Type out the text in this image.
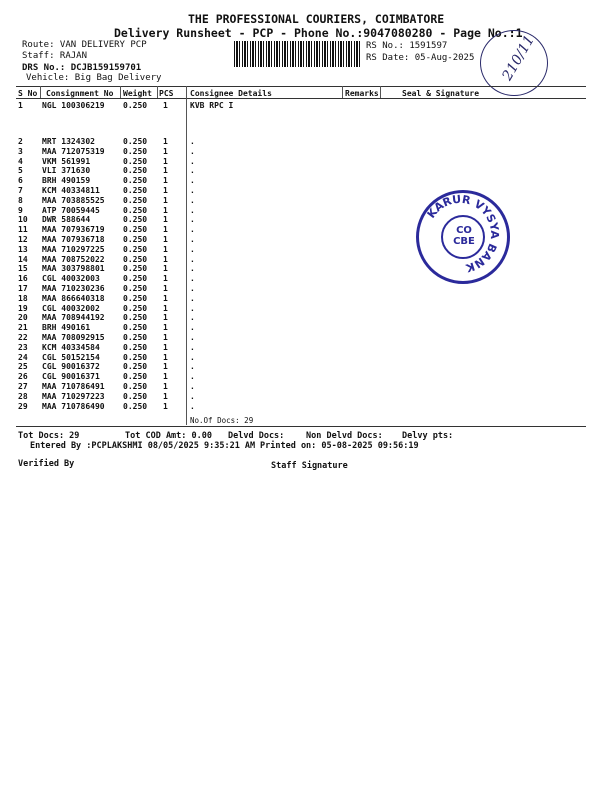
THE PROFESSIONAL COURIERS, COIMBATORE
Delivery Runsheet - PCP - Phone No.:9047080280 - Page No.:1
Route: VAN DELIVERY PCP
Staff: RAJAN
DRS No.: DCJB159159701
Vehicle: Big Bag Delivery
RS No.: 1591597
RS Date: 05-Aug-2025 210/11
S No Consignment No Weight PCS Consignee Details	Remarks	Seal & Signature
1 NGL 100306219 0.250 1	KVB RPC I
2 MRT 1324302	0.250 1	.
3 MAA 712075319 0.250 1	.
4 VKM 561991	0.250 1	.
5 VLI 371630	0.250 1	.
6 BRH 490159	0.250 1	.
7 KCM 40334811	0.250 1	.
8 MAA 703885525 0.250 1	.
9 ATP 70059445	0.250 1	.
10 DWR 588644	0.250 1	.
11 MAA 707936719 0.250 1	.
12 MAA 707936718 0.250 1	.
13 MAA 710297225 0.250 1	.
14 MAA 708752022 0.250 1	.
15 MAA 303798801 0.250 1	.
16 CGL 40032003	0.250 1	.
17 MAA 710230236 0.250 1	.
18 MAA 866640318 0.250 1	.
19 CGL 40032002	0.250 1	.
20 MAA 708944192 0.250 1	.
21 BRH 490161	0.250 1	.
22 MAA 708092915 0.250 1	.
23 KCM 40334584	0.250 1	.
24 CGL 50152154	0.250 1	.
25 CGL 90016372	0.250 1	.
26 CGL 90016371	0.250 1	.
27 MAA 710786491 0.250 1	.
28 MAA 710297223 0.250 1	.
29 MAA 710786490 0.250 1	.
No.Of Docs: 29
KARUR VYSYA BANK
CO CBE
Tot Docs: 29	Tot COD Amt: 0.00 Delvd Docs:	Non Delvd Docs: Delvy pts:
Entered By :PCPLAKSHMI 08/05/2025 9:35:21 AM Printed on: 05-08-2025 09:56:19
Verified By	Staff Signature
